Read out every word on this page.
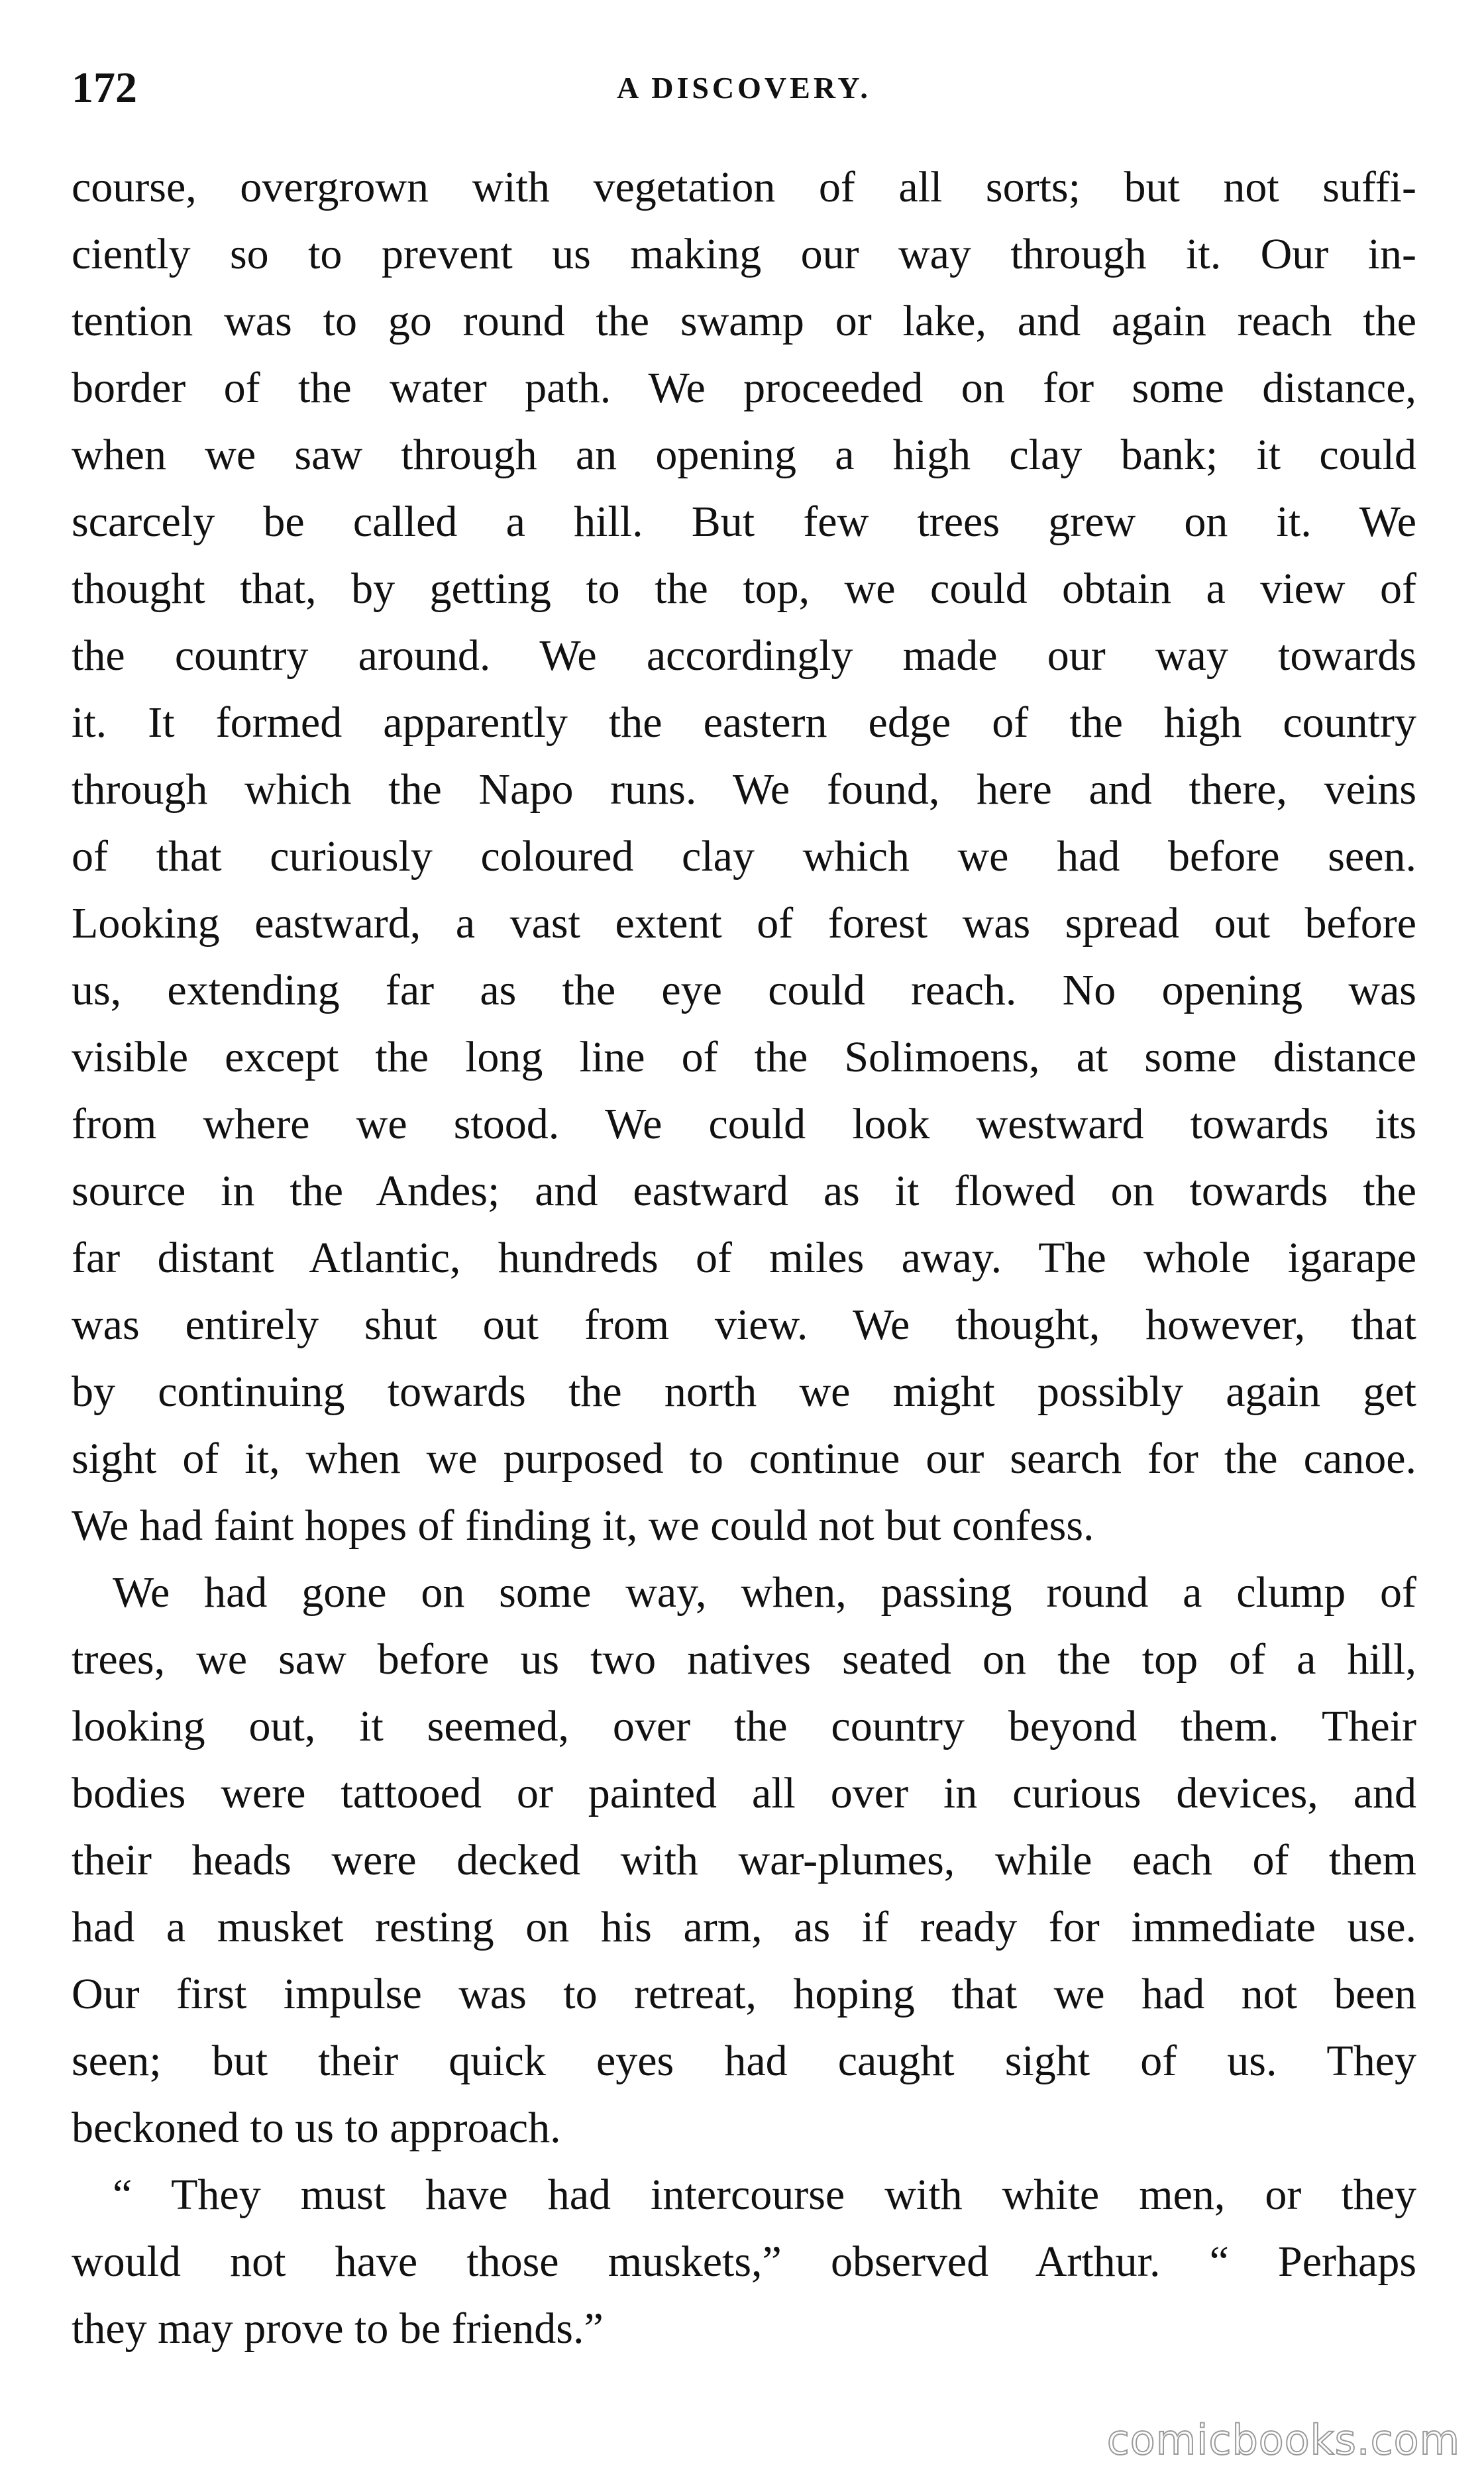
172	A DISCOVERY.

course, overgrown with vegetation of all sorts; but not suffi-
ciently so to prevent us making our way through it. Our in-
tention was to go round the swamp or lake, and again reach the
border of the water path. We proceeded on for some distance,
when we saw through an opening a high clay bank; it could
scarcely be called a hill. But few trees grew on it. We
thought that, by getting to the top, we could obtain a view of
the country around. We accordingly made our way towards
it. It formed apparently the eastern edge of the high country
through which the Napo runs. We found, here and there, veins
of that curiously coloured clay which we had before seen.
Looking eastward, a vast extent of forest was spread out before
us, extending far as the eye could reach. No opening was
visible except the long line of the Solimoens, at some distance
from where we stood. We could look westward towards its
source in the Andes; and eastward as it flowed on towards the
far distant Atlantic, hundreds of miles away. The whole igarape
was entirely shut out from view. We thought, however, that
by continuing towards the north we might possibly again get
sight of it, when we purposed to continue our search for the canoe.
We had faint hopes of finding it, we could not but confess.

We had gone on some way, when, passing round a clump of
trees, we saw before us two natives seated on the top of a hill,
looking out, it seemed, over the country beyond them. Their
bodies were tattooed or painted all over in curious devices, and
their heads were decked with war-plumes, while each of them
had a musket resting on his arm, as if ready for immediate use.
Our first impulse was to retreat, hoping that we had not been
seen; but their quick eyes had caught sight of us. They
beckoned to us to approach.

“ They must have had intercourse with white men, or they
would not have those muskets,” observed Arthur. “ Perhaps
they may prove to be friends.”

comicbooks.com
